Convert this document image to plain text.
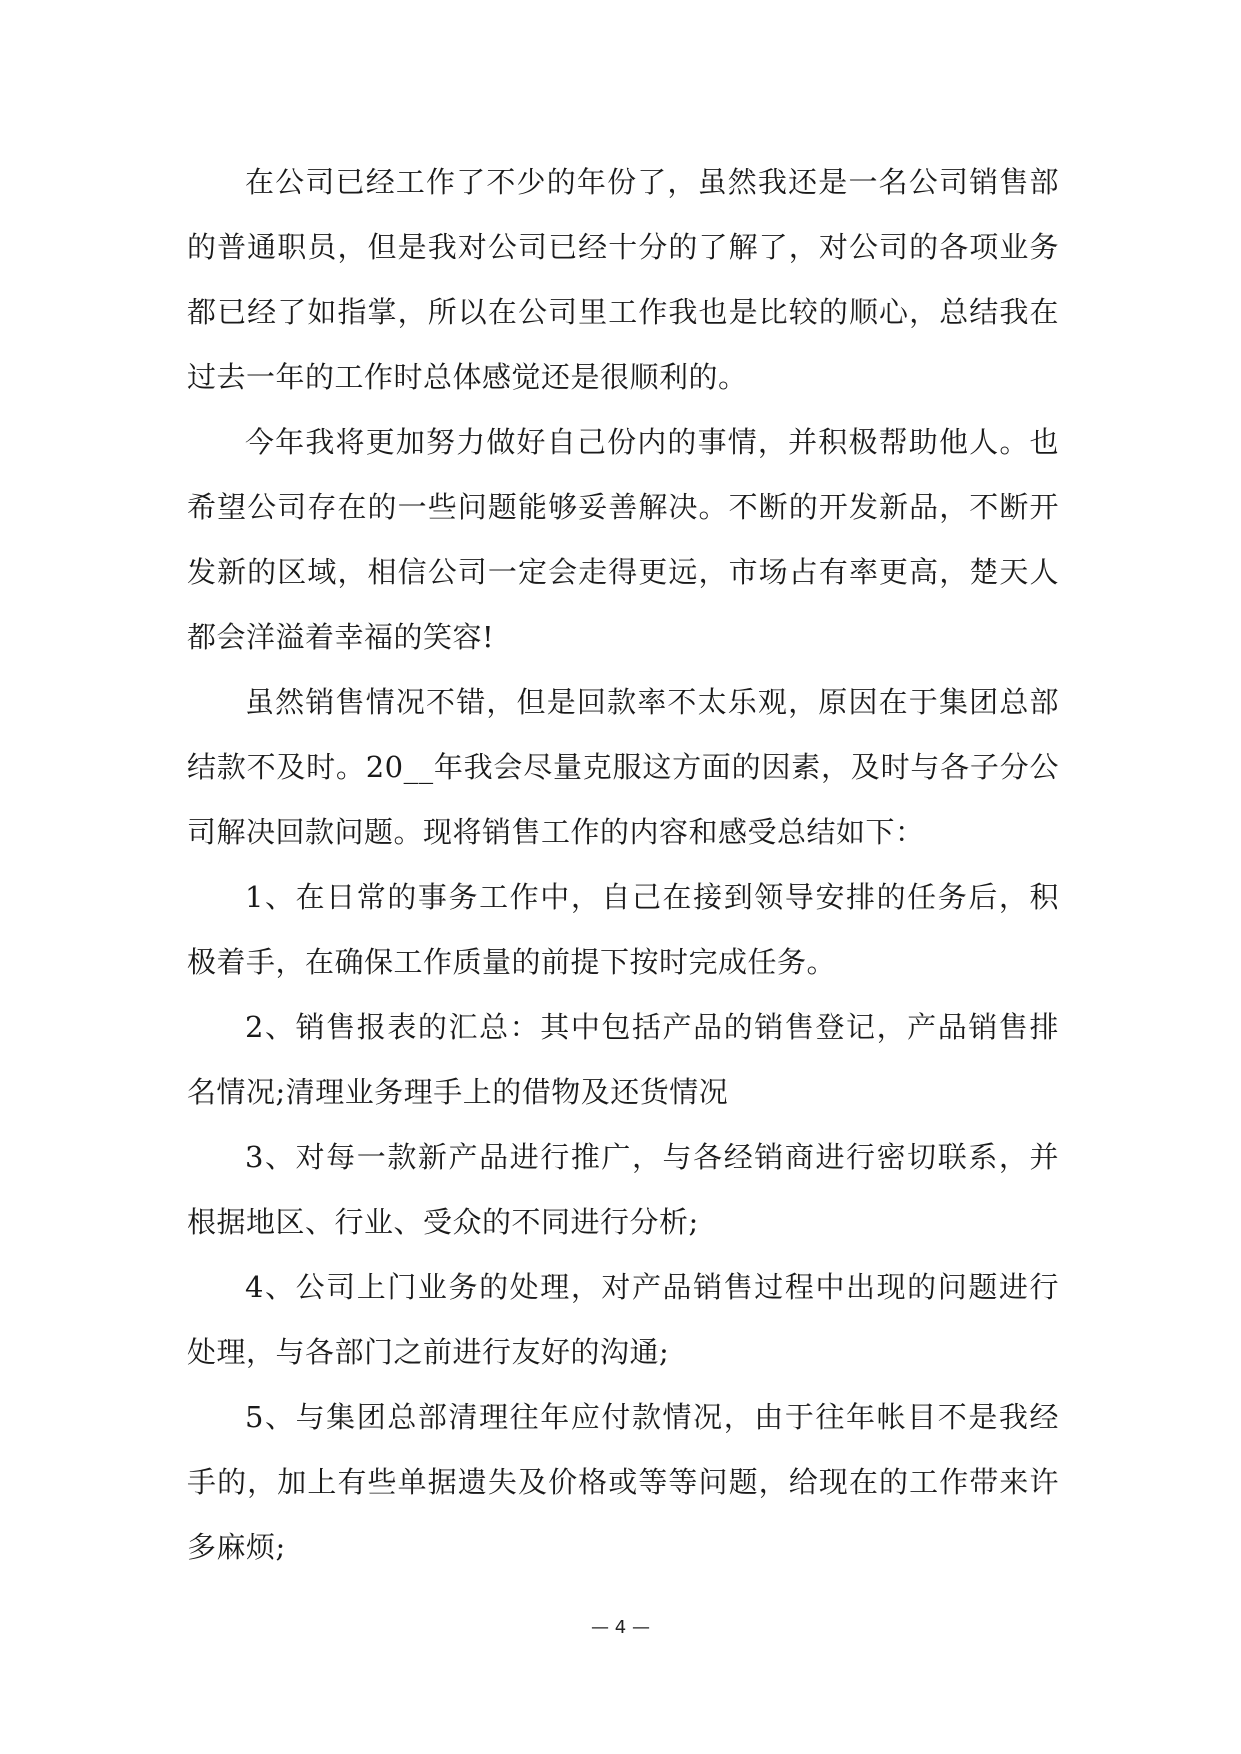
在公司已经工作了不少的年份了，虽然我还是一名公司销售部的普通职员，但是我对公司已经十分的了解了，对公司的各项业务都已经了如指掌，所以在公司里工作我也是比较的顺心，总结我在过去一年的工作时总体感觉还是很顺利的。

今年我将更加努力做好自己份内的事情，并积极帮助他人。也希望公司存在的一些问题能够妥善解决。不断的开发新品，不断开发新的区域，相信公司一定会走得更远，市场占有率更高，楚天人都会洋溢着幸福的笑容!

虽然销售情况不错，但是回款率不太乐观，原因在于集团总部结款不及时。20__年我会尽量克服这方面的因素，及时与各子分公司解决回款问题。现将销售工作的内容和感受总结如下：

1、在日常的事务工作中，自己在接到领导安排的任务后，积极着手，在确保工作质量的前提下按时完成任务。

2、销售报表的汇总：其中包括产品的销售登记，产品销售排名情况;清理业务理手上的借物及还货情况

3、对每一款新产品进行推广，与各经销商进行密切联系，并根据地区、行业、受众的不同进行分析;

4、公司上门业务的处理，对产品销售过程中出现的问题进行处理，与各部门之前进行友好的沟通;

5、与集团总部清理往年应付款情况，由于往年帐目不是我经手的，加上有些单据遗失及价格或等等问题，给现在的工作带来许多麻烦;

— 4 —
